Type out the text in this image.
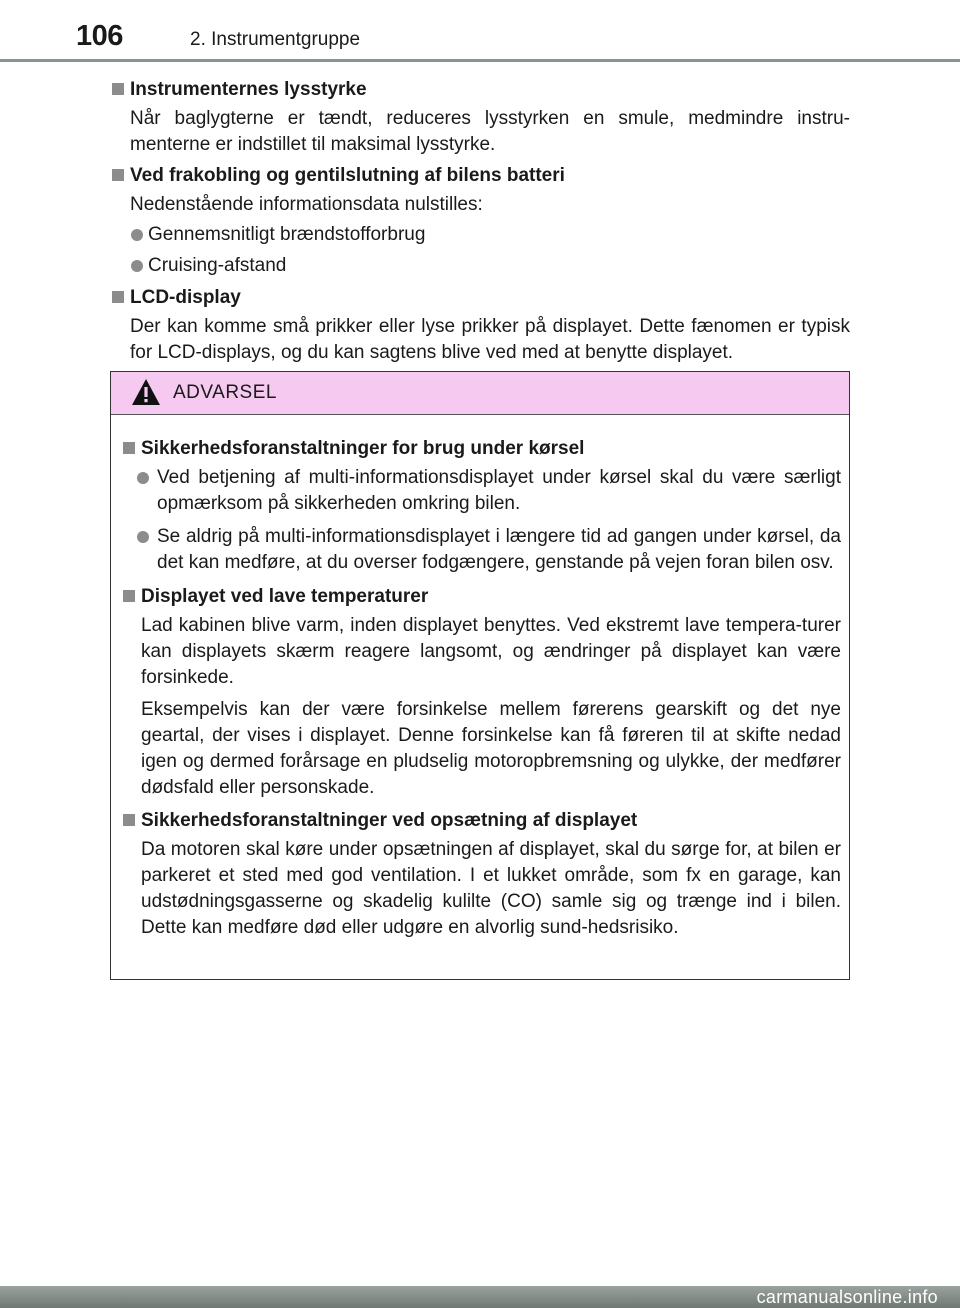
106	2. Instrumentgruppe
Instrumenternes lysstyrke
Når baglygterne er tændt, reduceres lysstyrken en smule, medmindre instru-menterne er indstillet til maksimal lysstyrke.
Ved frakobling og gentilslutning af bilens batteri
Nedenstående informationsdata nulstilles:
Gennemsnitligt brændstofforbrug
Cruising-afstand
LCD-display
Der kan komme små prikker eller lyse prikker på displayet. Dette fænomen er typisk for LCD-displays, og du kan sagtens blive ved med at benytte displayet.
ADVARSEL
Sikkerhedsforanstaltninger for brug under kørsel
Ved betjening af multi-informationsdisplayet under kørsel skal du være særligt opmærksom på sikkerheden omkring bilen.
Se aldrig på multi-informationsdisplayet i længere tid ad gangen under kørsel, da det kan medføre, at du overser fodgængere, genstande på vejen foran bilen osv.
Displayet ved lave temperaturer
Lad kabinen blive varm, inden displayet benyttes. Ved ekstremt lave tempera-turer kan displayets skærm reagere langsomt, og ændringer på displayet kan være forsinkede.
Eksempelvis kan der være forsinkelse mellem førerens gearskift og det nye geartal, der vises i displayet. Denne forsinkelse kan få føreren til at skifte nedad igen og dermed forårsage en pludselig motoropbremsning og ulykke, der medfører dødsfald eller personskade.
Sikkerhedsforanstaltninger ved opsætning af displayet
Da motoren skal køre under opsætningen af displayet, skal du sørge for, at bilen er parkeret et sted med god ventilation. I et lukket område, som fx en garage, kan udstødningsgasserne og skadelig kulilte (CO) samle sig og trænge ind i bilen. Dette kan medføre død eller udgøre en alvorlig sund-hedsrisiko.
carmanualsonline.info
